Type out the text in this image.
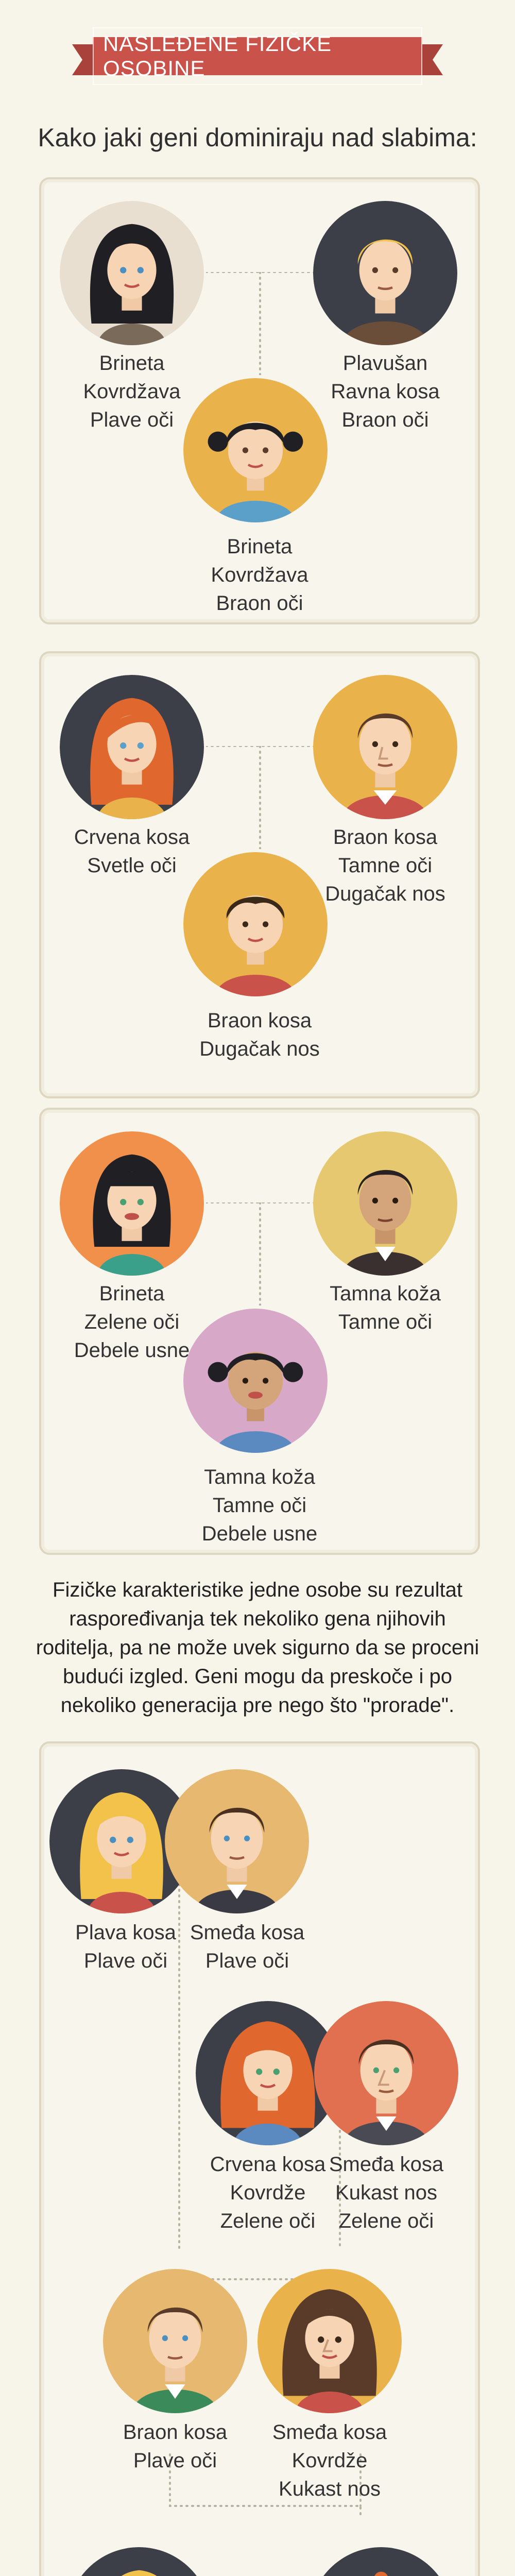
NASLEĐENE FIZIČKE OSOBINE
Kako jaki geni dominiraju nad slabima:
Brineta
Kovrdžava
Plave oči
Plavušan
Ravna kosa
Braon oči
Brineta
Kovrdžava
Braon oči
Crvena kosa
Svetle oči
Braon kosa
Tamne oči
Dugačak nos
Braon kosa
Dugačak nos
Brineta
Zelene oči
Debele usne
Tamna koža
Tamne oči
Tamna koža
Tamne oči
Debele usne
Fizičke karakteristike jedne osobe su rezultat raspoređivanja tek nekoliko gena njihovih roditelja, pa ne može uvek sigurno da se proceni budući izgled. Geni mogu da preskoče i po nekoliko generacija pre nego što "prorade".
Plava kosa
Plave oči
Smeđa kosa
Plave oči
Crvena kosa
Kovrdže
Zelene oči
Smeđa kosa
Kukast nos
Zelene oči
Braon kosa
Plave oči
Smeđa kosa
Kovrdže
Kukast nos
